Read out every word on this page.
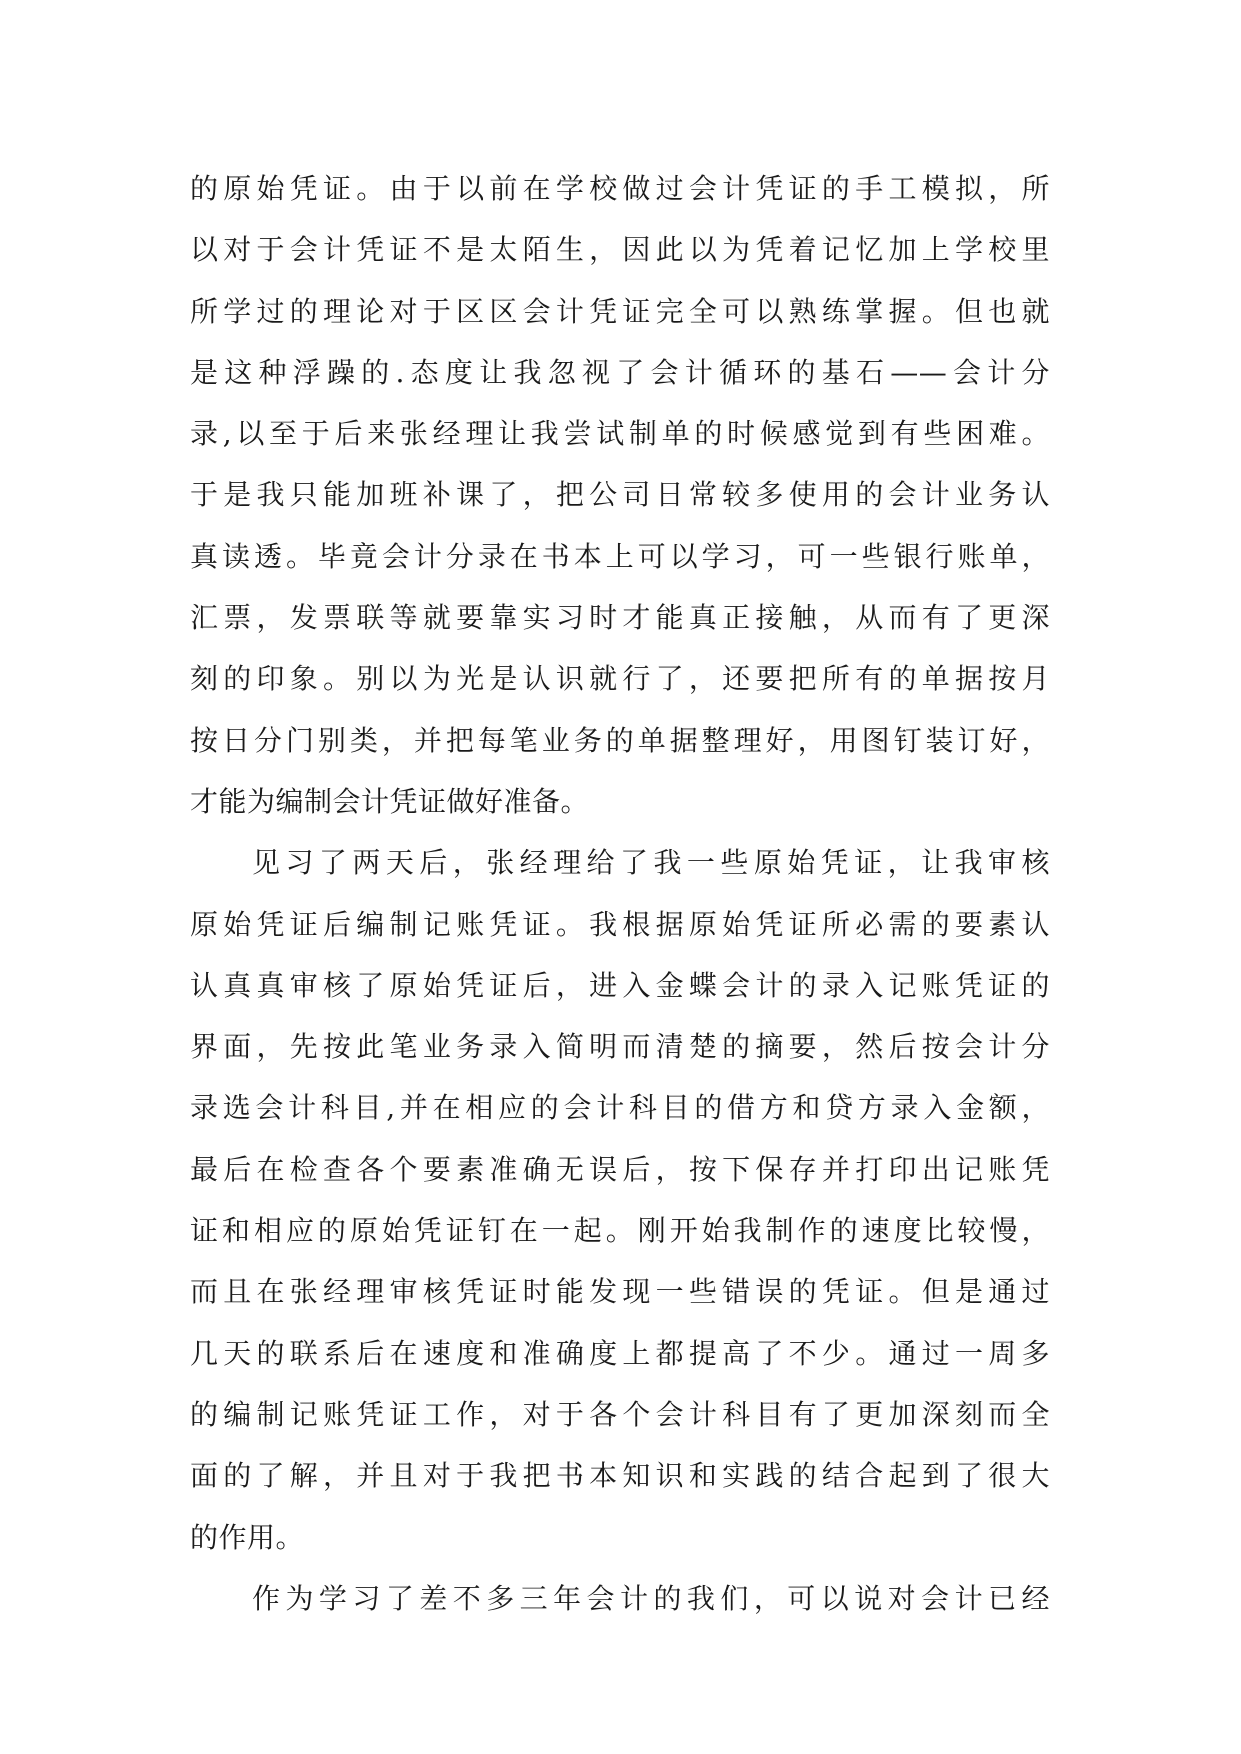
的原始凭证。由于以前在学校做过会计凭证的手工模拟，所
以对于会计凭证不是太陌生，因此以为凭着记忆加上学校里
所学过的理论对于区区会计凭证完全可以熟练掌握。但也就
是这种浮躁的.态度让我忽视了会计循环的基石——会计分
录,以至于后来张经理让我尝试制单的时候感觉到有些困难。
于是我只能加班补课了，把公司日常较多使用的会计业务认
真读透。毕竟会计分录在书本上可以学习，可一些银行账单，
汇票，发票联等就要靠实习时才能真正接触，从而有了更深
刻的印象。别以为光是认识就行了，还要把所有的单据按月
按日分门别类，并把每笔业务的单据整理好，用图钉装订好，
才能为编制会计凭证做好准备。
见习了两天后，张经理给了我一些原始凭证，让我审核
原始凭证后编制记账凭证。我根据原始凭证所必需的要素认
认真真审核了原始凭证后，进入金蝶会计的录入记账凭证的
界面，先按此笔业务录入简明而清楚的摘要，然后按会计分
录选会计科目,并在相应的会计科目的借方和贷方录入金额，
最后在检查各个要素准确无误后，按下保存并打印出记账凭
证和相应的原始凭证钉在一起。刚开始我制作的速度比较慢，
而且在张经理审核凭证时能发现一些错误的凭证。但是通过
几天的联系后在速度和准确度上都提高了不少。通过一周多
的编制记账凭证工作，对于各个会计科目有了更加深刻而全
面的了解，并且对于我把书本知识和实践的结合起到了很大
的作用。
作为学习了差不多三年会计的我们，可以说对会计已经
